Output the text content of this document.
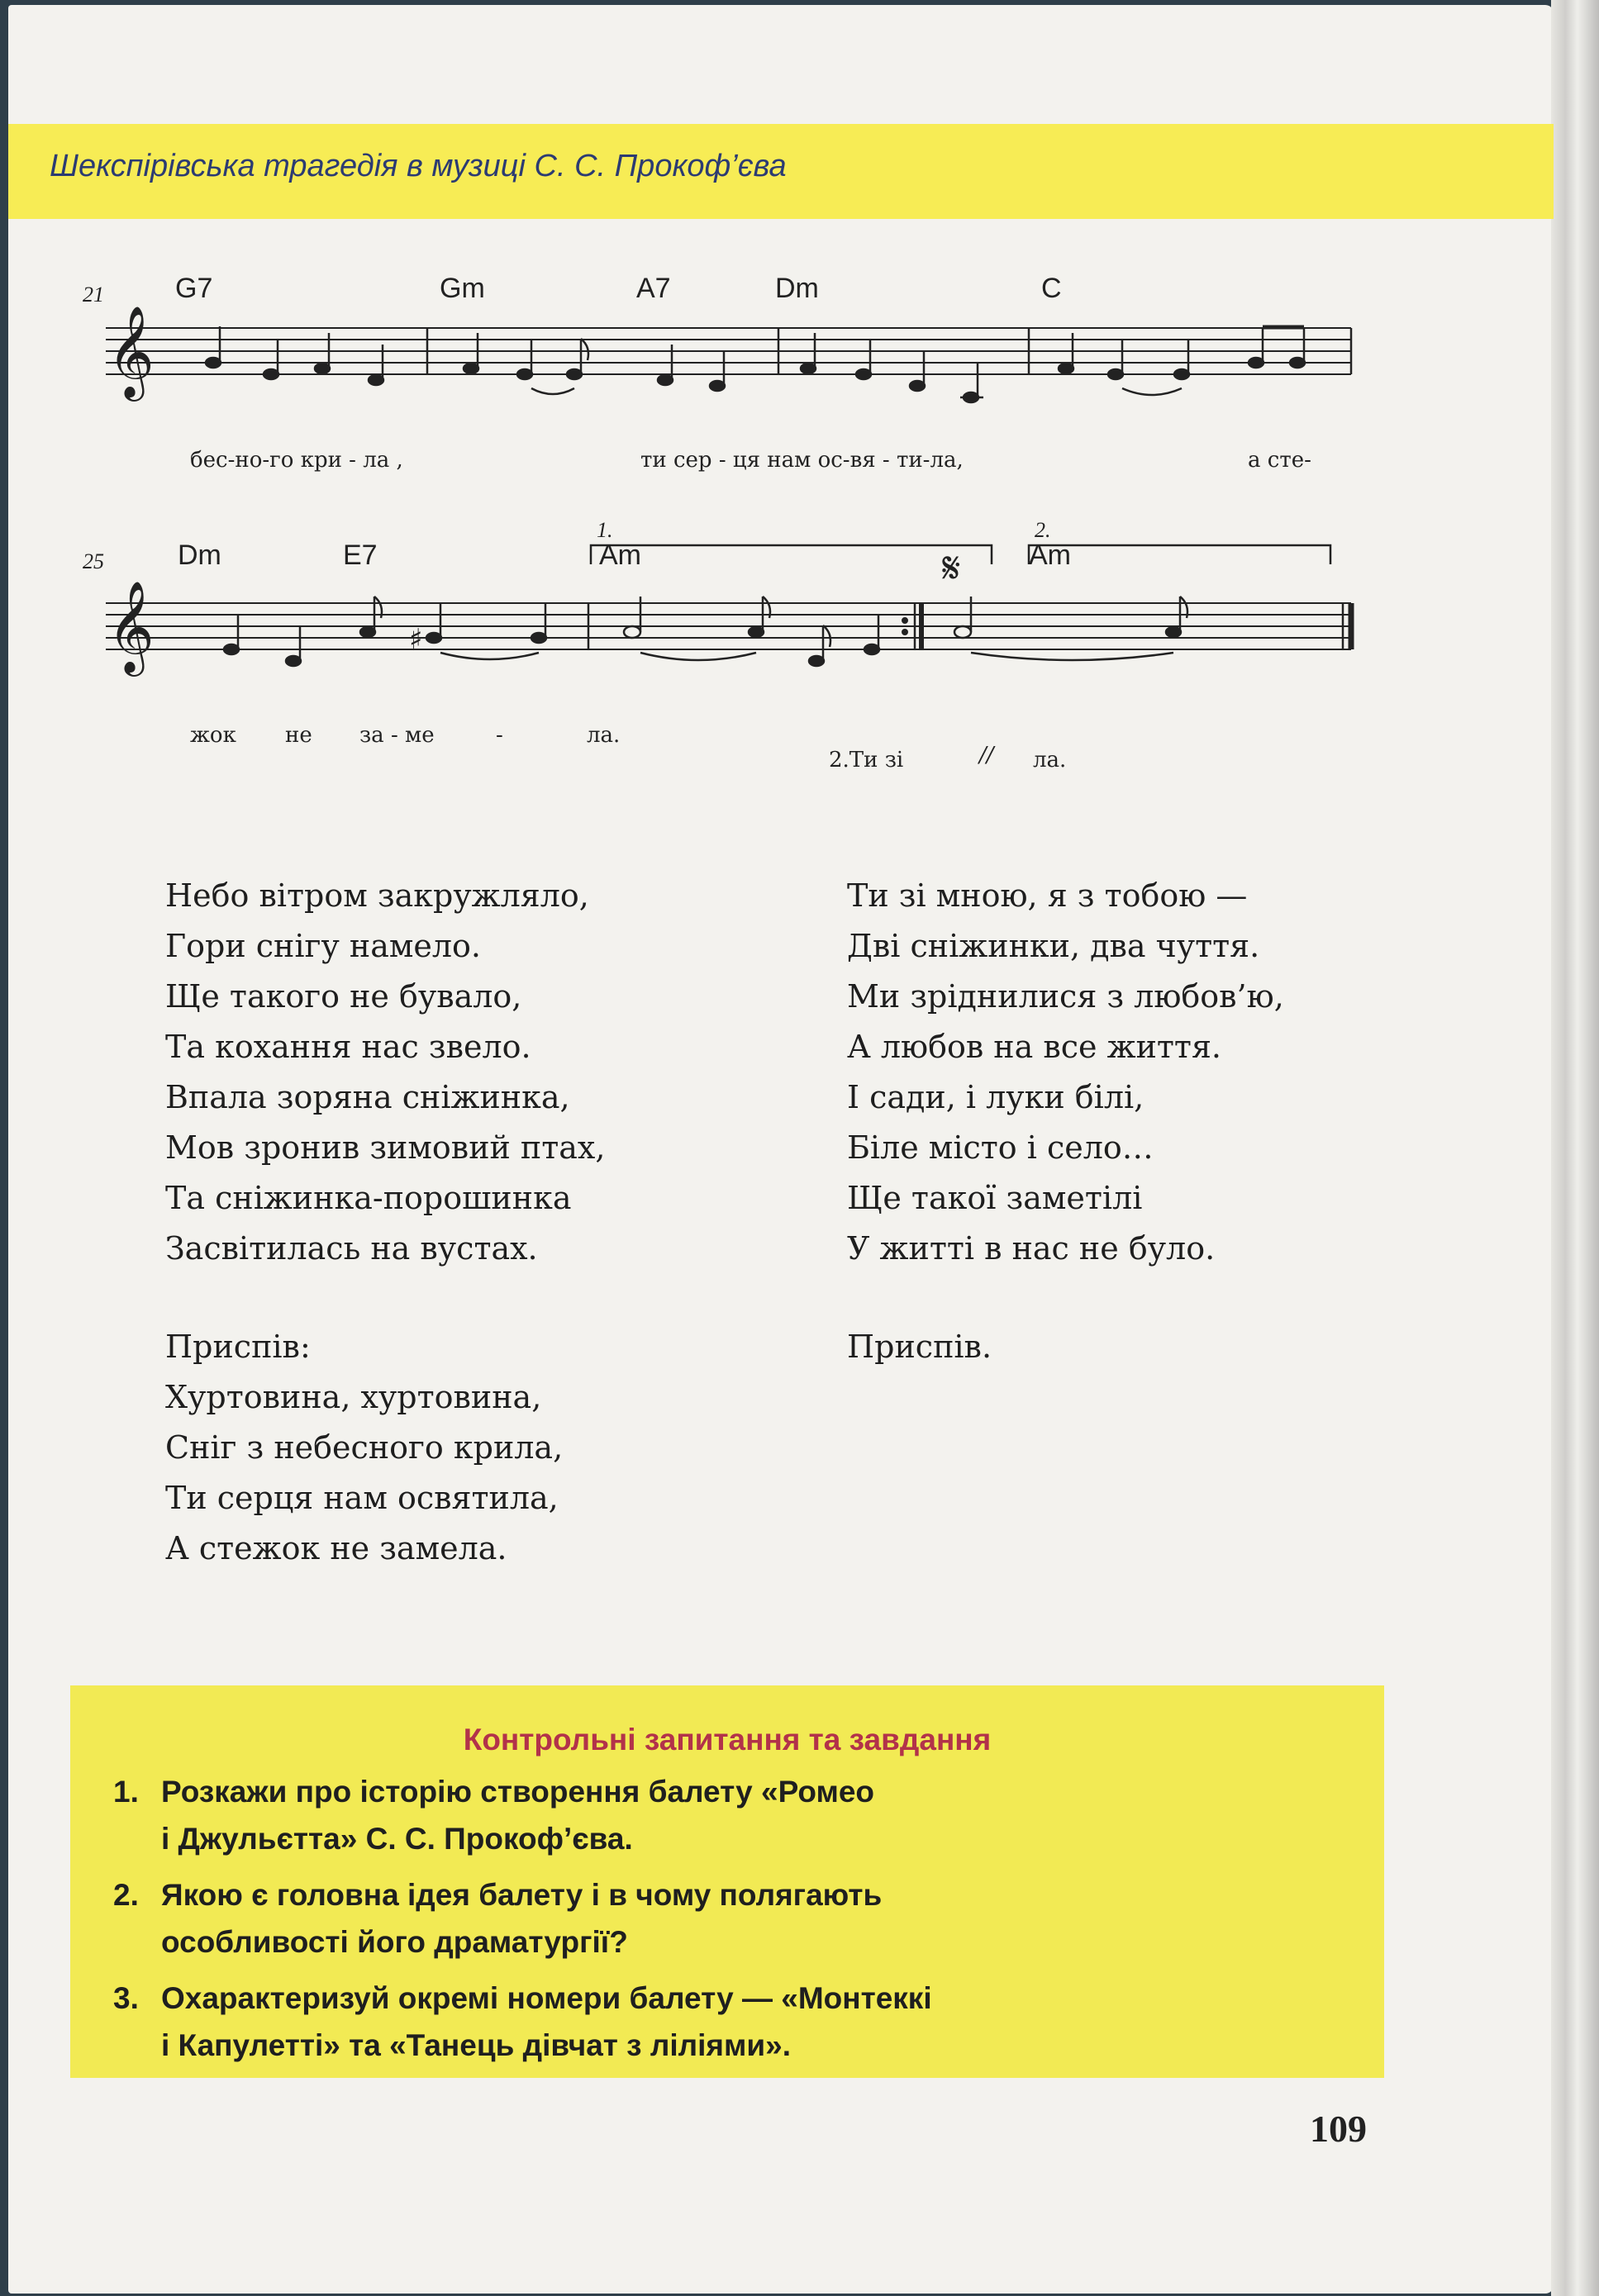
Шекспірівська трагедія в музиці С. С. Прокоф’єва
𝄞
21	G7	Gm	A7	Dm	C
бес-но-го кри - ла ,	ти сер - ця нам ос-вя - ти-ла,	а сте-
𝄞	♯
25	Dm	E7	Am	Am
1.	2.
𝄋
жок не за - ме	-	ла.
2.Ти зі	// ла.
Небо вітром закружляло,
Гори снігу намело.
Ще такого не бувало,
Та кохання нас звело.
Впала зоряна сніжинка,
Мов зронив зимовий птах,
Та сніжинка-порошинка
Засвітилась на вустах.
Ти зі мною, я з тобою —
Дві сніжинки, два чуття.
Ми зріднилися з любов’ю,
А любов на все життя.
І сади, і луки білі,
Біле місто і село…
Ще такої заметілі
У житті в нас не було.
Приспів:
Хуртовина, хуртовина,
Сніг з небесного крила,
Ти серця нам освятила,
А стежок не замела.
Приспів.
Контрольні запитання та завдання
1. Розкажи про історію створення балету «Ромео
і Джульєтта» С. С. Прокоф’єва.
2. Якою є головна ідея балету і в чому полягають
особливості його драматургії?
3. Охарактеризуй окремі номери балету — «Монтеккі
і Капулетті» та «Танець дівчат з ліліями».
109
